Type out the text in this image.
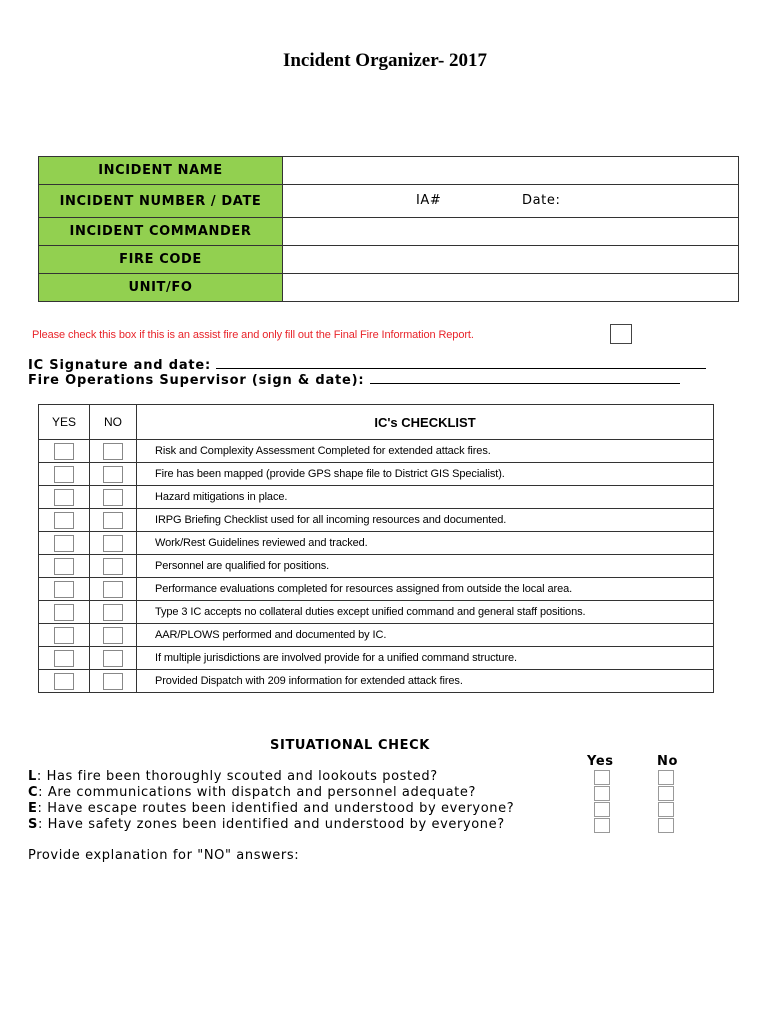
Incident Organizer- 2017
INCIDENT NAME	
INCIDENT NUMBER / DATE	IA# Date:

INCIDENT COMMANDER	
FIRE CODE	
UNIT/FO	
Please check this box if this is an assist fire and only fill out the Final Fire Information Report.
IC Signature and date:
Fire Operations Supervisor (sign & date):
YES	NO	IC's CHECKLIST

	Risk and Complexity Assessment Completed for extended attack fires.

	Fire has been mapped (provide GPS shape file to District GIS Specialist).

	Hazard mitigations in place.

	IRPG Briefing Checklist used for all incoming resources and documented.

	Work/Rest Guidelines reviewed and tracked.

	Personnel are qualified for positions.

	Performance evaluations completed for resources assigned from outside the local area.

	Type 3 IC accepts no collateral duties except unified command and general staff positions.

	AAR/PLOWS performed and documented by IC.

	If multiple jurisdictions are involved provide for a unified command structure.

	Provided Dispatch with 209 information for extended attack fires.
SITUATIONAL CHECK
Yes	No
L: Has fire been thoroughly scouted and lookouts posted?
C: Are communications with dispatch and personnel adequate?
E: Have escape routes been identified and understood by everyone?
S: Have safety zones been identified and understood by everyone?
Provide explanation for "NO" answers:
